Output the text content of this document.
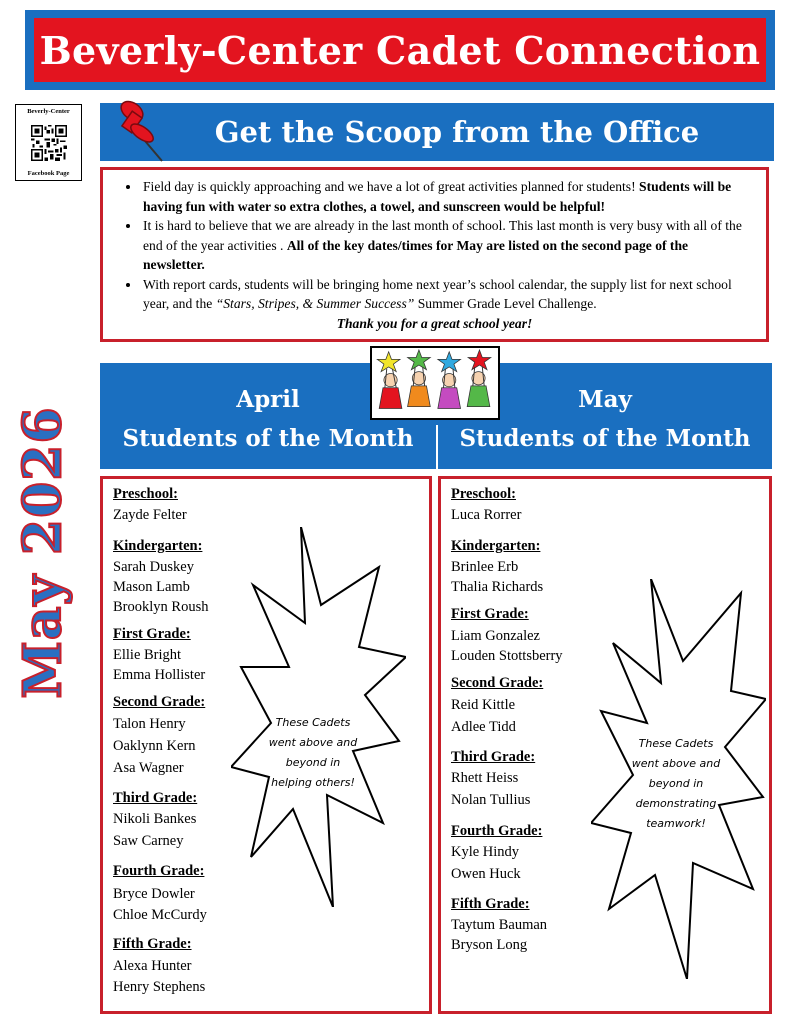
Beverly-Center Cadet Connection
Beverly-Center
Facebook Page
Get the Scoop from the Office
• Field day is quickly approaching and we have a lot of great activities planned for students! Students will be having fun with water so extra clothes, a towel, and sunscreen would be helpful!
• It is hard to believe that we are already in the last month of school. This last month is very busy with all of the end of the year activities . All of the key dates/times for May are listed on the second page of the newsletter.
• With report cards, students will be bringing home next year’s school calendar, the supply list for next school year, and the “Stars, Stripes, & Summer Success” Summer Grade Level Challenge.
Thank you for a great school year!
May 2026
April
Students of the Month
May
Students of the Month
These Cadets
went above and
beyond in
helping others!
Preschool:
Zayde Felter
Kindergarten:
Sarah Duskey
Mason Lamb
Brooklyn Roush
First Grade:
Ellie Bright
Emma Hollister
Second Grade:
Talon Henry
Oaklynn Kern
Asa Wagner
Third Grade:
Nikoli Bankes
Saw Carney
Fourth Grade:
Bryce Dowler
Chloe McCurdy
Fifth Grade:
Alexa Hunter
Henry Stephens
These Cadets
went above and
beyond in
demonstrating
teamwork!
Preschool:
Luca Rorrer
Kindergarten:
Brinlee Erb
Thalia Richards
First Grade:
Liam Gonzalez
Louden Stottsberry
Second Grade:
Reid Kittle
Adlee Tidd
Third Grade:
Rhett Heiss
Nolan Tullius
Fourth Grade:
Kyle Hindy
Owen Huck
Fifth Grade:
Taytum Bauman
Bryson Long
